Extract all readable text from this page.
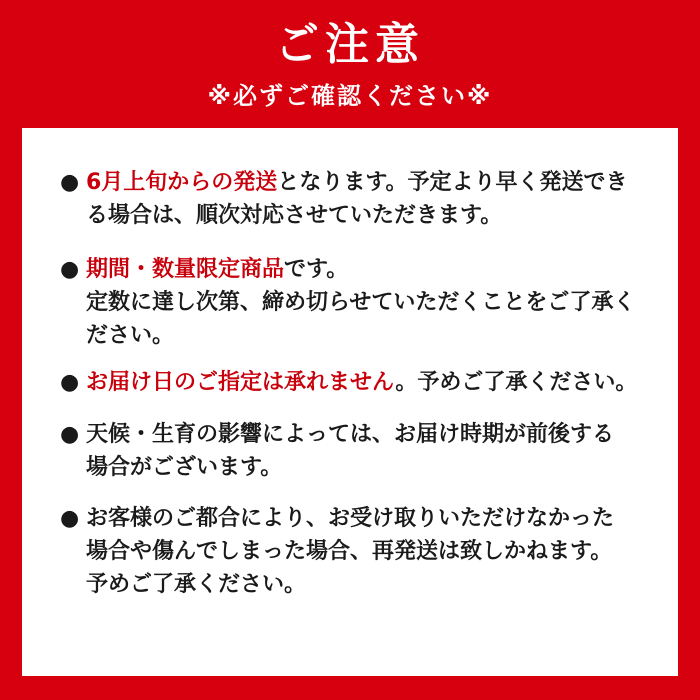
ご注意
※必ずご確認ください※
● 6月上旬からの発送となります。予定より早く発送でき
る場合は、順次対応させていただきます。
● 期間・数量限定商品です。
定数に達し次第、締め切らせていただくことをご了承く
ださい。
● お届け日のご指定は承れません。予めご了承ください。
● 天候・生育の影響によっては、お届け時期が前後する
場合がございます。
● お客様のご都合により、お受け取りいただけなかった
場合や傷んでしまった場合、再発送は致しかねます。
予めご了承ください。
